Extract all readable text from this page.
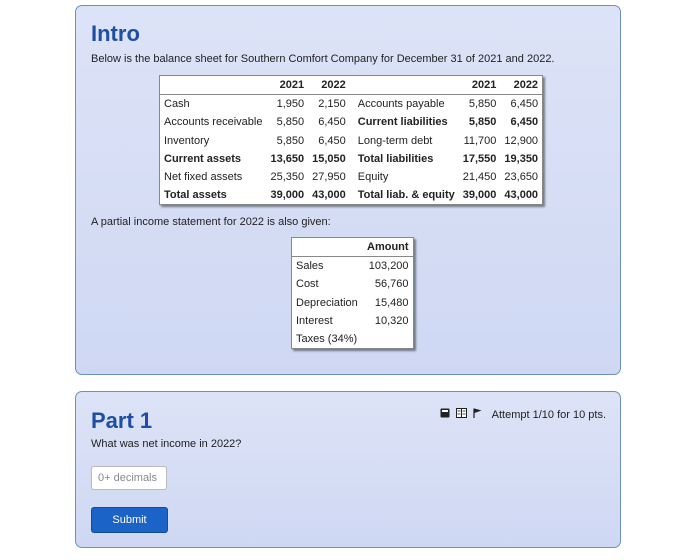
Intro
Below is the balance sheet for Southern Comfort Company for December 31 of 2021 and 2022.
	2021	2022			2021	2022
Cash	1,950	2,150		Accounts payable	5,850	6,450
Accounts receivable	5,850	6,450		Current liabilities	5,850	6,450
Inventory	5,850	6,450		Long-term debt	11,700	12,900
Current assets	13,650	15,050		Total liabilities	17,550	19,350
Net fixed assets	25,350	27,950		Equity	21,450	23,650
Total assets	39,000	43,000		Total liab. & equity	39,000	43,000
A partial income statement for 2022 is also given:
	Amount
Sales	103,200
Cost	56,760
Depreciation	15,480
Interest	10,320
Taxes (34%)	
Part 1	Attempt 1/10 for 10 pts.
What was net income in 2022?
0+ decimals
Submit
